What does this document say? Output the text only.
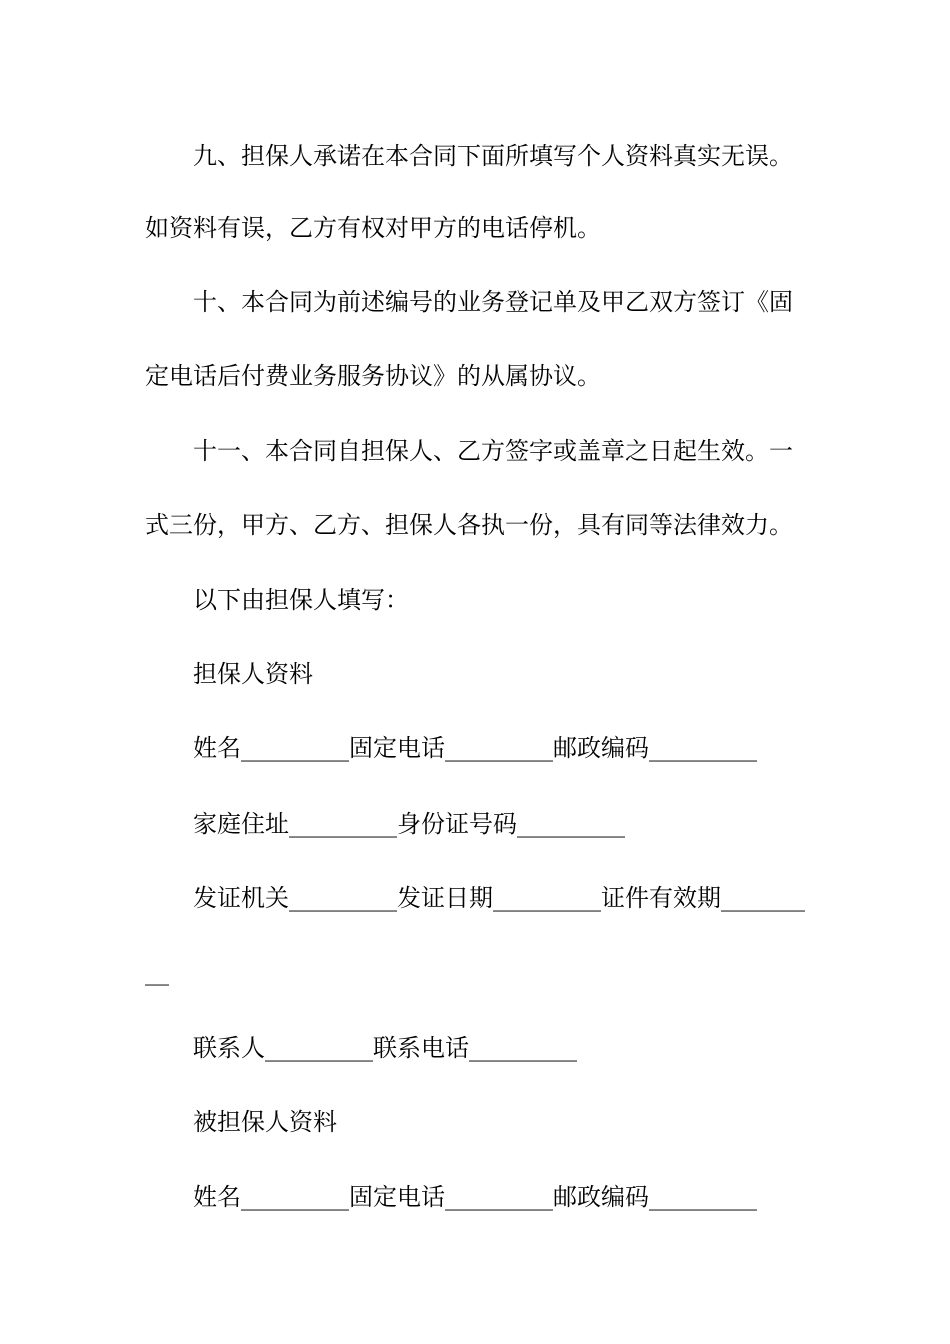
九、担保人承诺在本合同下面所填写个人资料真实无误。
如资料有误，乙方有权对甲方的电话停机。
十、本合同为前述编号的业务登记单及甲乙双方签订《固
定电话后付费业务服务协议》的从属协议。
十一、本合同自担保人、乙方签字或盖章之日起生效。一
式三份，甲方、乙方、担保人各执一份，具有同等法律效力。
以下由担保人填写：
担保人资料
姓名_________固定电话_________邮政编码_________
家庭住址_________身份证号码_________
发证机关_________发证日期_________证件有效期_______
__
联系人_________联系电话_________
被担保人资料
姓名_________固定电话_________邮政编码_________
